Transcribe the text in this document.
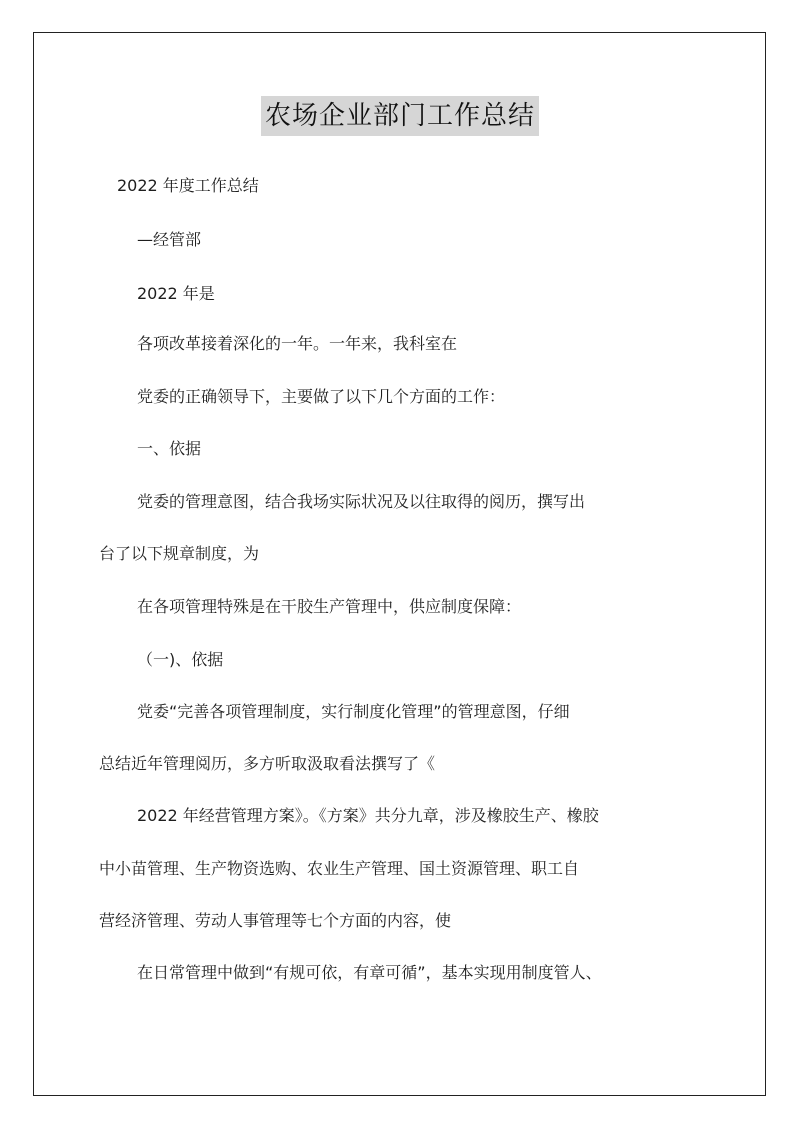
农场企业部门工作总结
2022 年度工作总结
—经管部
2022 年是
各项改革接着深化的一年。一年来，我科室在
党委的正确领导下，主要做了以下几个方面的工作：
一、依据
党委的管理意图，结合我场实际状况及以往取得的阅历，撰写出
台了以下规章制度，为
在各项管理特殊是在干胶生产管理中，供应制度保障：
（一)、依据
党委“完善各项管理制度，实行制度化管理”的管理意图，仔细
总结近年管理阅历，多方听取汲取看法撰写了《
2022 年经营管理方案》。《方案》共分九章，涉及橡胶生产、橡胶
中小苗管理、生产物资选购、农业生产管理、国土资源管理、职工自
营经济管理、劳动人事管理等七个方面的内容，使
在日常管理中做到“有规可依，有章可循”，基本实现用制度管人、
